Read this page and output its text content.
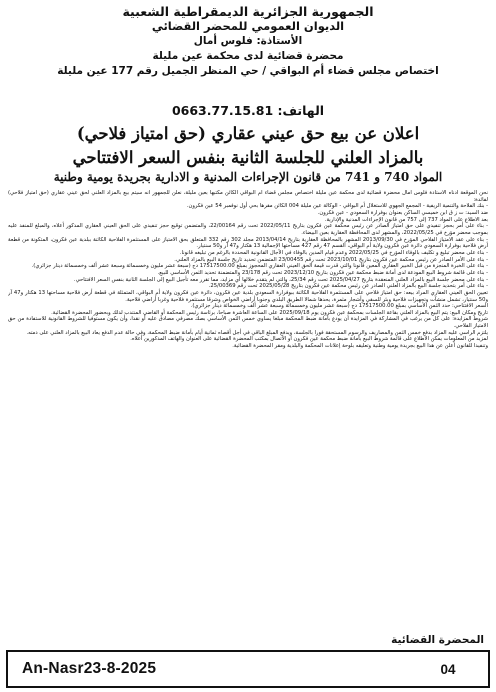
الجمهورية الجزائرية الديمقراطية الشعبية
الديوان العمومي للمحضر القضائي
الأستاذة: فلوس أمال
محضرة قضائية لدى محكمة عين مليلة
اختصاص مجلس قضاء أم البواقي / حي المنظر الجميل رقم 177 عين مليلة
الهاتف: 0663.77.15.81
اعلان عن بيع حق عيني عقاري (حق امتياز فلاحي)
بالمزاد العلني للجلسة الثانية بنفس السعر الافتتاحي
المواد 740 و 741 من قانون الإجراءات المدنية و الادارية بجريدة يومية وطنية

نحن الموقعة أدناه الأستاذة فلوس أمال محضرة قضائية لدى محكمة عين مليلة اختصاص مجلس قضاء أم البواقي الكائن مكتبها بعين مليلة، نعلن للجمهور أنه سيتم بيع بالمزاد العلني لحق عيني عقاري (حق امتياز فلاحي) لفائدة:

- بنك الفلاحة والتنمية الريفية - المجمع الجهوي للاستغلال أم البواقي - الوكالة عين مليلة 004 الكائن مقرها بحي أول نوفمبر 54 عين فكرون.

ضد السيد: ت ز ق ابن خميسي الساكن بعنوان بوفرارة السعودي - عين فكرون.

بعد الاطلاع على المواد 737 إلى 757 من قانون الإجراءات المدنية والإدارية.

- بناء على أمر بحجز تنفيذي على حق امتياز الصادر عن رئيس محكمة عين فكرون بتاريخ 2022/05/11 تحت رقم 22/00164، والمتضمن توقيع حجز تنفيذي على الحق العيني العقاري المذكور أعلاه، والمبلغ للمنفذ عليه بموجب محضر مؤرخ في 2022/05/25، والمشهر لدى المحافظة العقارية بعين البيضاء.

- بناء على عقد الامتياز الفلاحي المؤرخ في 2013/09/30 المشهر بالمحافظة العقارية بتاريخ 2013/04/14 مجلد 302 رقم 332 المتعلق بحق الامتياز على المستثمرة الفلاحية الكائنة ببلدية عين فكرون، المتكونة من قطعة أرض فلاحية بوفرارة السعودي دائرة عين فكرون ولاية أم البواقي، القسم 47 رقم 427 مساحتها الإجمالية 13 هكتار و47 آر و50 سنتيار.

- بناء على محضر تبليغ و تكليف بالوفاء المؤرخ في 2022/05/25 وعدم قيام المدين بالوفاء في الآجال القانونية المحددة بالرغم من تبليغه قانونا.

- بناء على الأمر الصادر عن رئيس محكمة عين فكرون بتاريخ 2023/10/01 تحت رقم 23/00455 المتضمن تحديد تاريخ جلسة البيع بالمزاد العلني.

- بناء على الخبرة المنجزة من قبل الخبير العقاري المعين قانونا والتي قدرت قيمة الحق العيني العقاري المحجوز بمبلغ 17517500.00 دج (سبعة عشر مليون وخمسمائة وسبعة عشر ألف وخمسمائة دينار جزائري).

- بناء على قائمة شروط البيع المودعة لدى أمانة ضبط محكمة عين فكرون بتاريخ 2023/12/10 تحت رقم 23/178 والمتضمنة تحديد الثمن الأساسي للبيع.

- بناء على محضر جلسة البيع بالمزاد العلني المنعقدة بتاريخ 2025/04/27 تحت رقم 25/34، والتي لم يتقدم خلالها أي مزايد، مما تقرر معه تأجيل البيع إلى الجلسة الثانية بنفس السعر الافتتاحي.

- بناء على أمر بتحديد جلسة البيع بالمزاد العلني الصادر عن رئيس محكمة عين فكرون بتاريخ 2025/05/28 تحت رقم 25/00369.

تعيين الحق العيني العقاري المراد بيعه: حق امتياز فلاحي على المستثمرة الفلاحية الكائنة ببوفرارة السعودي بلدية عين فكرون، دائرة عين فكرون ولاية أم البواقي، المتمثلة في قطعة أرض فلاحية مساحتها 13 هكتار و47 آر و50 سنتيار، تشمل منشآت وتجهيزات فلاحية وبئر للسقي وأشجار مثمرة، يحدها شمالا الطريق البلدي وجنوبا أراضي الخواص وشرقا مستثمرة فلاحية وغربا أراضي فلاحية.

السعر الافتتاحي: حدد الثمن الأساسي بمبلغ 17517500.00 دج (سبعة عشر مليون وخمسمائة وسبعة عشر ألف وخمسمائة دينار جزائري).

تاريخ ومكان البيع: يتم البيع بالمزاد العلني بقاعة الجلسات بمحكمة عين فكرون يوم 2025/09/18 على الساعة العاشرة صباحا، برئاسة رئيس المحكمة أو القاضي المنتدب لذلك وبحضور المحضرة القضائية.

شروط المزايدة: على كل من يرغب في المشاركة في المزايدة أن يودع بأمانة ضبط المحكمة مبلغا يساوي خمس الثمن الأساسي بصك مصرفي مصادق عليه أو نقدا، وأن يكون مستوفيا للشروط القانونية للاستفادة من حق الامتياز الفلاحي.

يلتزم الراسي عليه المزاد بدفع خمس الثمن والمصاريف والرسوم المستحقة فورا بالجلسة، ويدفع المبلغ الباقي في أجل أقصاه ثمانية أيام بأمانة ضبط المحكمة، وفي حالة عدم الدفع يعاد البيع بالمزاد العلني على ذمته.

لمزيد من المعلومات يمكن الاطلاع على قائمة شروط البيع بأمانة ضبط محكمة عين فكرون أو الاتصال بمكتب المحضرة القضائية على العنوان والهاتف المذكورين أعلاه.

وتنفيذا للقانون أعلن عن هذا البيع بجريدة يومية وطنية وتعليقه بلوحة إعلانات المحكمة والبلدية ومقر المحضرة القضائية.

المحضرة القضائية
An-Nasr23-8-2025	04
